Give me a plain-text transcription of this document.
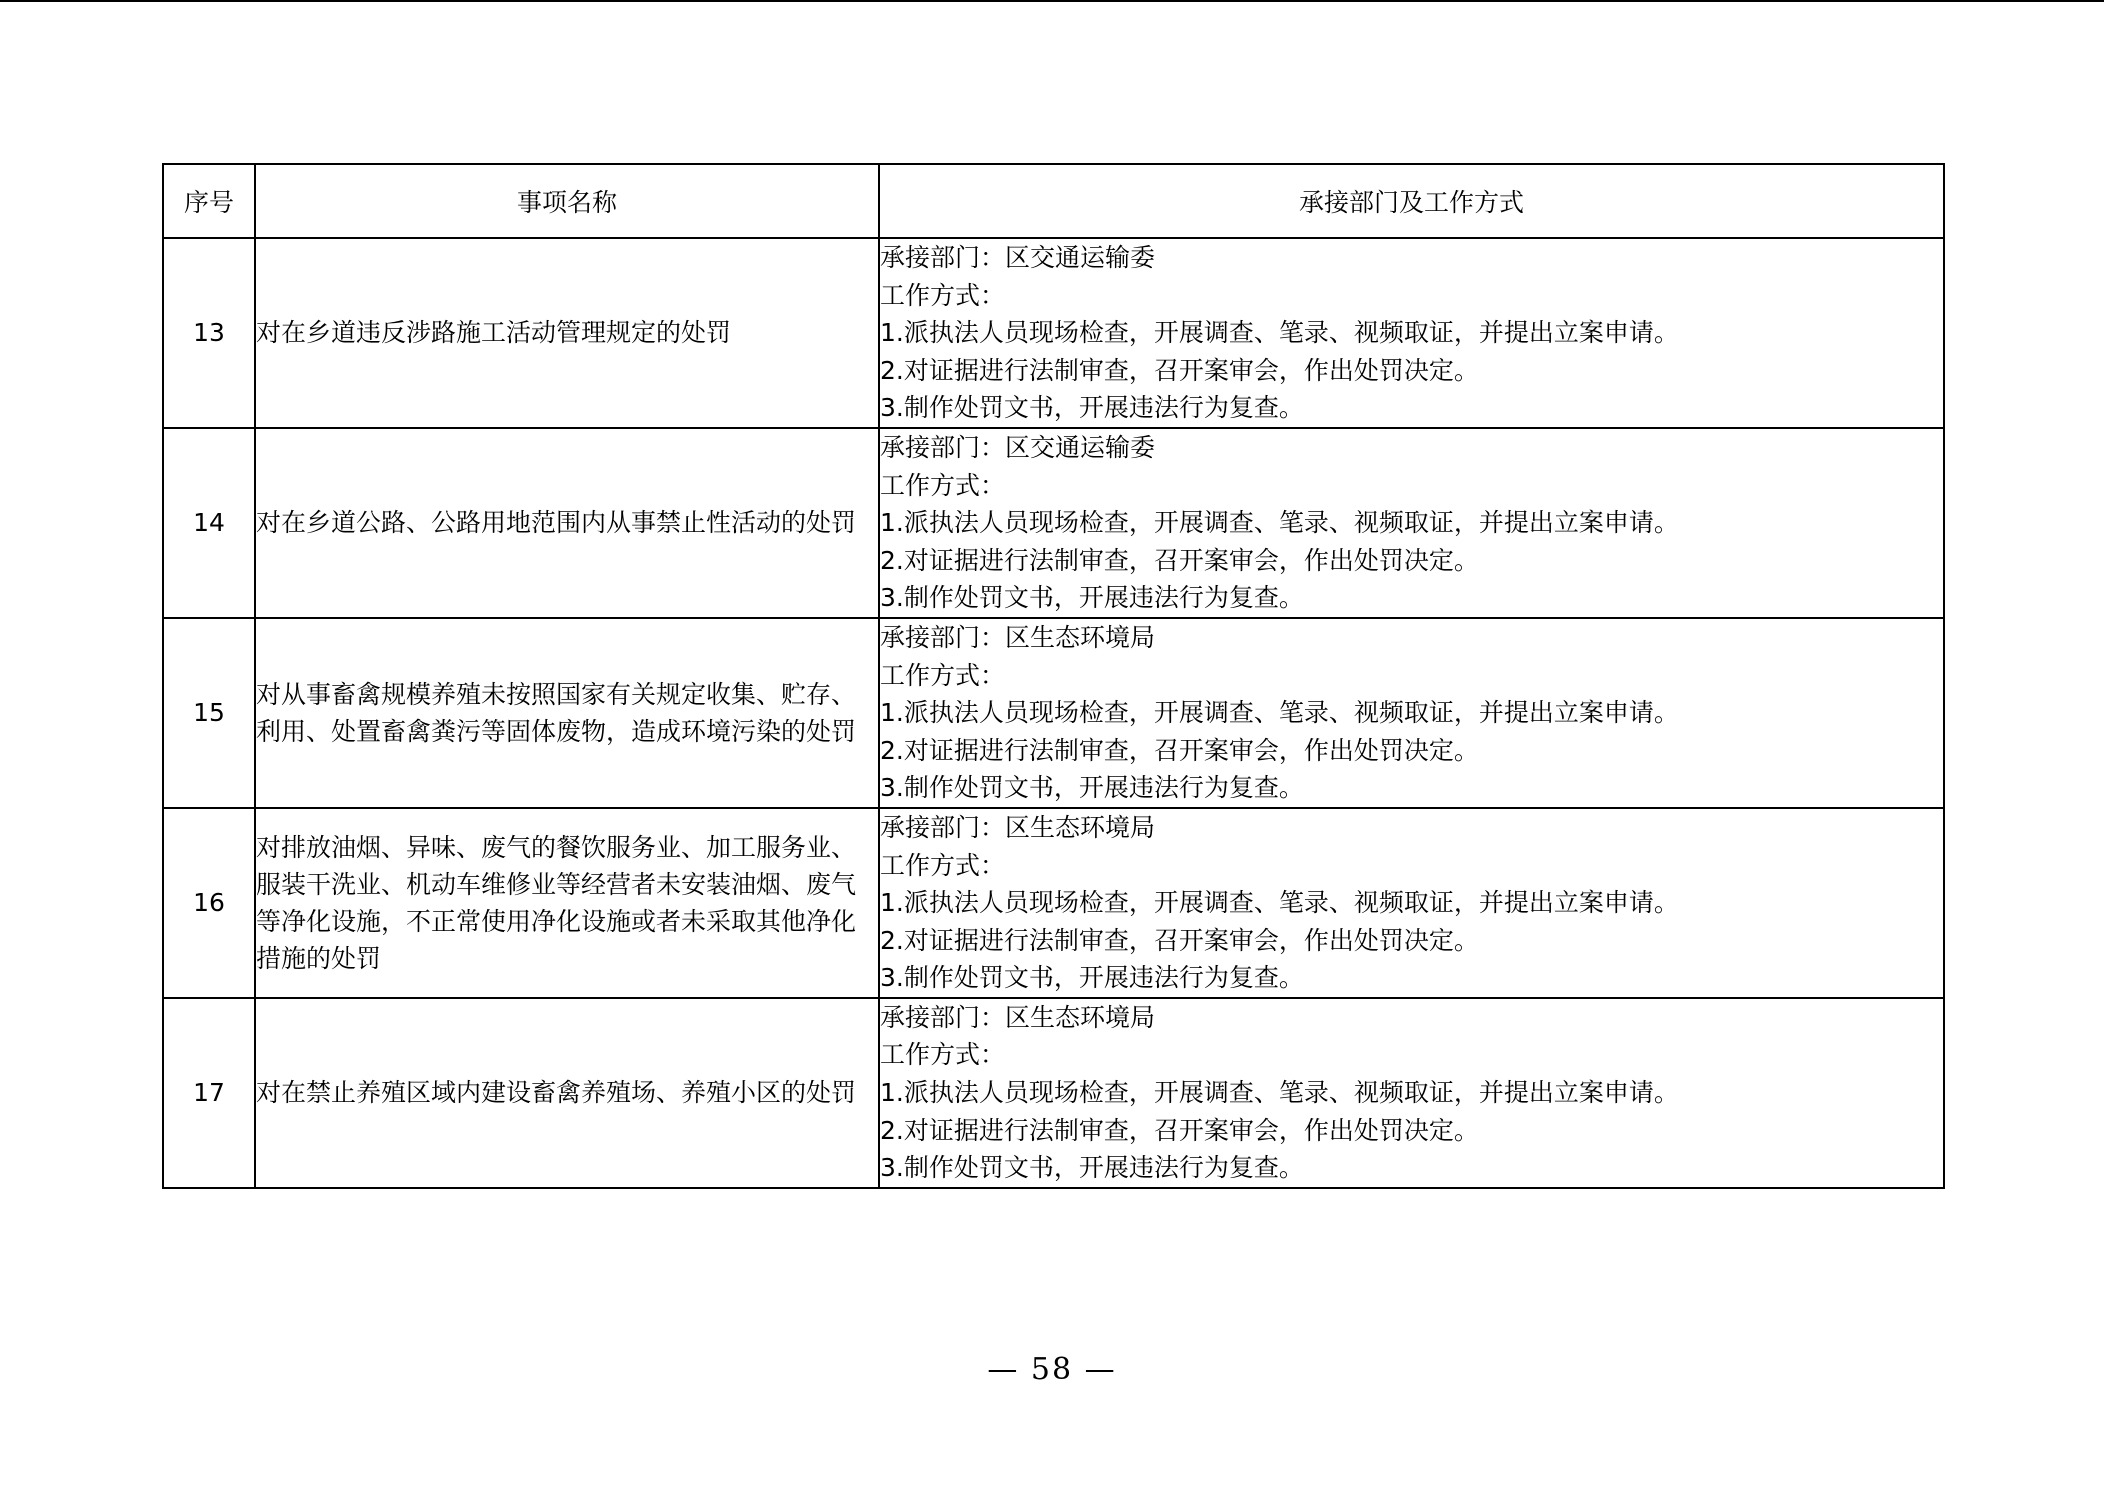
序号	事项名称	承接部门及工作方式
13	对在乡道违反涉路施工活动管理规定的处罚	承接部门：区交通运输委
工作方式：
1.派执法人员现场检查，开展调查、笔录、视频取证，并提出立案申请。
2.对证据进行法制审查，召开案审会，作出处罚决定。
3.制作处罚文书，开展违法行为复查。

14	对在乡道公路、公路用地范围内从事禁止性活动的处罚	承接部门：区交通运输委
工作方式：
1.派执法人员现场检查，开展调查、笔录、视频取证，并提出立案申请。
2.对证据进行法制审查，召开案审会，作出处罚决定。
3.制作处罚文书，开展违法行为复查。

15	对从事畜禽规模养殖未按照国家有关规定收集、贮存、利用、处置畜禽粪污等固体废物，造成环境污染的处罚	承接部门：区生态环境局
工作方式：
1.派执法人员现场检查，开展调查、笔录、视频取证，并提出立案申请。
2.对证据进行法制审查，召开案审会，作出处罚决定。
3.制作处罚文书，开展违法行为复查。

16	对排放油烟、异味、废气的餐饮服务业、加工服务业、服装干洗业、机动车维修业等经营者未安装油烟、废气等净化设施，不正常使用净化设施或者未采取其他净化措施的处罚	承接部门：区生态环境局
工作方式：
1.派执法人员现场检查，开展调查、笔录、视频取证，并提出立案申请。
2.对证据进行法制审查，召开案审会，作出处罚决定。
3.制作处罚文书，开展违法行为复查。

17	对在禁止养殖区域内建设畜禽养殖场、养殖小区的处罚	承接部门：区生态环境局
工作方式：
1.派执法人员现场检查，开展调查、笔录、视频取证，并提出立案申请。
2.对证据进行法制审查，召开案审会，作出处罚决定。
3.制作处罚文书，开展违法行为复查。
— 58 —
